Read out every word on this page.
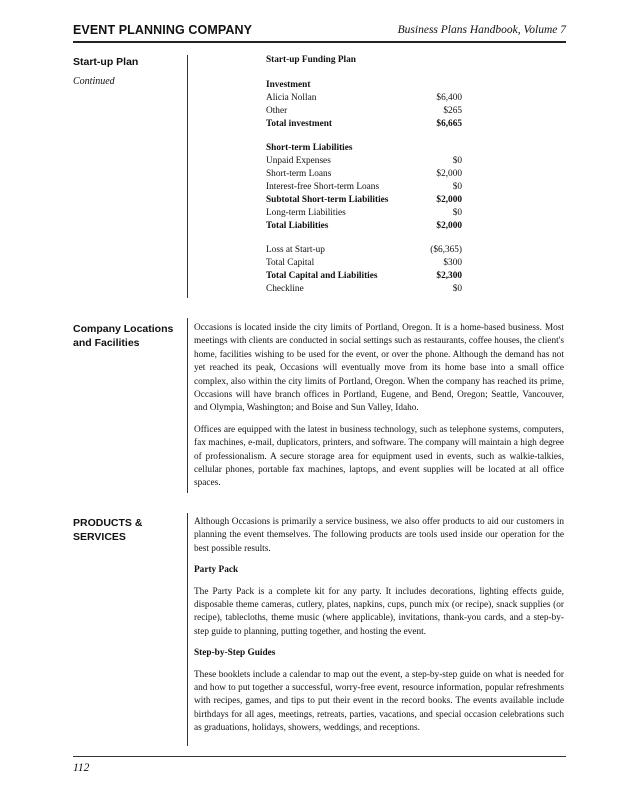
EVENT PLANNING COMPANY	Business Plans Handbook, Volume 7
Start-up Plan
Continued
Start-up Funding Plan
Investment
Alicia Nollan	$6,400
Other	$265
Total investment	$6,665
Short-term Liabilities
Unpaid Expenses	$0
Short-term Loans	$2,000
Interest-free Short-term Loans	$0
Subtotal Short-term Liabilities	$2,000
Long-term Liabilities	$0
Total Liabilities	$2,000
Loss at Start-up	($6,365)
Total Capital	$300
Total Capital and Liabilities	$2,300
Checkline	$0
Company Locations and Facilities

Occasions is located inside the city limits of Portland, Oregon. It is a home-based business. Most meetings with clients are conducted in social settings such as restaurants, coffee houses, the client's home, facilities wishing to be used for the event, or over the phone. Although the demand has not yet reached its peak, Occasions will eventually move from its home base into a small office complex, also within the city limits of Portland, Oregon. When the company has reached its prime, Occasions will have branch offices in Portland, Eugene, and Bend, Oregon; Seattle, Vancouver, and Olympia, Washington; and Boise and Sun Valley, Idaho.

Offices are equipped with the latest in business technology, such as telephone systems, computers, fax machines, e-mail, duplicators, printers, and software. The company will maintain a high degree of professionalism. A secure storage area for equipment used in events, such as walkie-talkies, cellular phones, portable fax machines, laptops, and event supplies will be located at all office spaces.

PRODUCTS & SERVICES

Although Occasions is primarily a service business, we also offer products to aid our customers in planning the event themselves. The following products are tools used inside our operation for the best possible results.

Party Pack

The Party Pack is a complete kit for any party. It includes decorations, lighting effects guide, disposable theme cameras, cutlery, plates, napkins, cups, punch mix (or recipe), snack supplies (or recipe), tablecloths, theme music (where applicable), invitations, thank-you cards, and a step-by-step guide to planning, putting together, and hosting the event.

Step-by-Step Guides

These booklets include a calendar to map out the event, a step-by-step guide on what is needed for and how to put together a successful, worry-free event, resource information, popular refreshments with recipes, games, and tips to put their event in the record books. The events available include birthdays for all ages, meetings, retreats, parties, vacations, and special occasion celebrations such as graduations, holidays, showers, weddings, and receptions.

112
